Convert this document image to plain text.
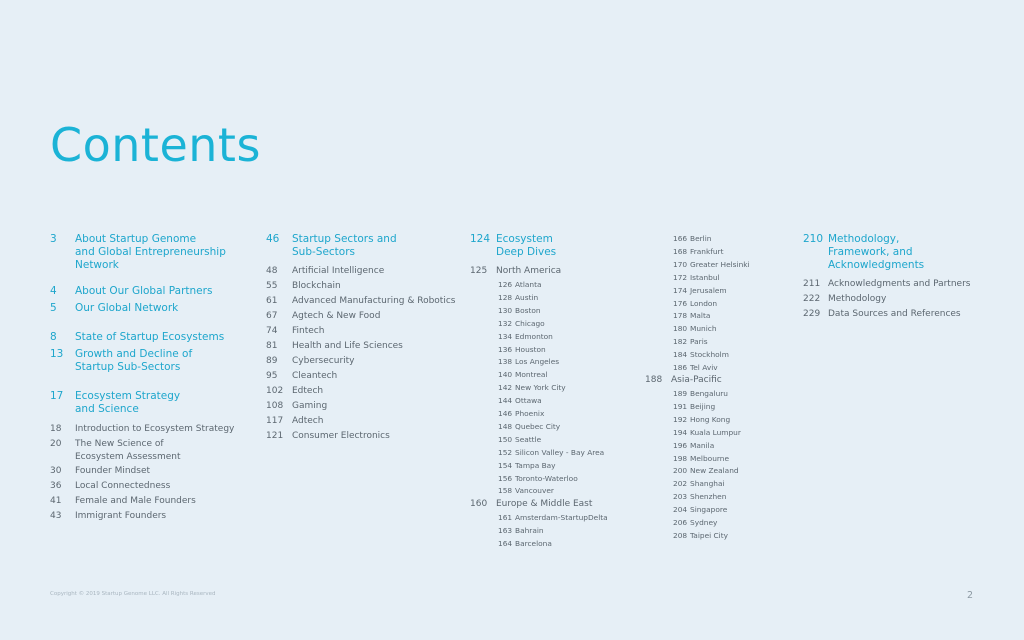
Contents
3 About Startup Genome
and Global Entrepreneurship
Network
4 About Our Global Partners
5 Our Global Network
8 State of Startup Ecosystems
13 Growth and Decline of
Startup Sub-Sectors
17 Ecosystem Strategy
and Science
18 Introduction to Ecosystem Strategy
20 The New Science of
Ecosystem Assessment
30 Founder Mindset
36 Local Connectedness
41 Female and Male Founders
43 Immigrant Founders
46 Startup Sectors and
Sub-Sectors
48 Artificial Intelligence
55 Blockchain
61 Advanced Manufacturing & Robotics
67 Agtech & New Food
74 Fintech
81 Health and Life Sciences
89 Cybersecurity
95 Cleantech
102 Edtech
108 Gaming
117 Adtech
121 Consumer Electronics
124 Ecosystem
Deep Dives
125 North America
126 Atlanta
128 Austin
130 Boston
132 Chicago
134 Edmonton
136 Houston
138 Los Angeles
140 Montreal
142 New York City
144 Ottawa
146 Phoenix
148 Quebec City
150 Seattle
152 Silicon Valley - Bay Area
154 Tampa Bay
156 Toronto-Waterloo
158 Vancouver
160 Europe & Middle East
161 Amsterdam-StartupDelta
163 Bahrain
164 Barcelona
166 Berlin
168 Frankfurt
170 Greater Helsinki
172 Istanbul
174 Jerusalem
176 London
178 Malta
180 Munich
182 Paris
184 Stockholm
186 Tel Aviv
188 Asia-Pacific
189 Bengaluru
191 Beijing
192 Hong Kong
194 Kuala Lumpur
196 Manila
198 Melbourne
200 New Zealand
202 Shanghai
203 Shenzhen
204 Singapore
206 Sydney
208 Taipei City
210 Methodology,
Framework, and
Acknowledgments
211 Acknowledgments and Partners
222 Methodology
229 Data Sources and References
Copyright © 2019 Startup Genome LLC. All Rights Reserved	2
